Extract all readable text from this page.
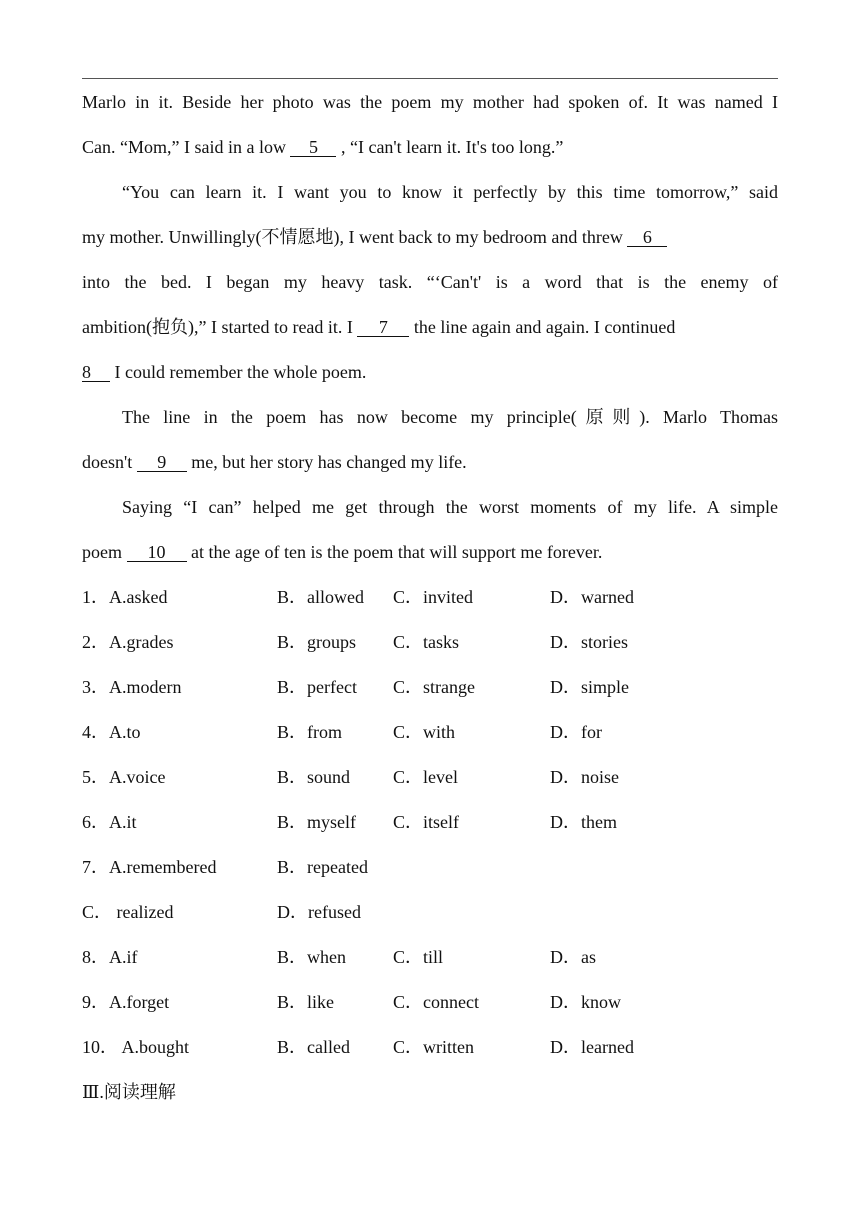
Marlo in it. Beside her photo was the poem my mother had spoken of. It was named I
Can. “Mom,” I said in a low 5 , “I can't learn it. It's too long.”
“You can learn it. I want you to know it perfectly by this time tomorrow,” said
my mother. Unwillingly(不情愿地), I went back to my bedroom and threw 6
into the bed. I began my heavy task. “‘Can't' is a word that is the enemy of
ambition(抱负),” I started to read it. I 7 the line again and again. I continued
8 I could remember the whole poem.
The line in the poem has now become my principle(原则). Marlo Thomas
doesn't 9 me, but her story has changed my life.
Saying “I can” helped me get through the worst moments of my life. A simple
poem 10 at the age of ten is the poem that will support me forever.
1．A.asked	B．allowed C．invited	D．warned
2．A.grades	B．groups C．tasks	D．stories
3．A.modern	B．perfect C．strange	D．simple
4．A.to	B．from	C．with	D．for
5．A.voice	B．sound C．level	D．noise
6．A.it	B．myself C．itself	D．them
7．A.remembered	B．repeated
C． realized	D．refused
8．A.if	B．when	C．till	D．as
9．A.forget	B．like	C．connect	D．know
10． A.bought	B．called C．written	D．learned
Ⅲ.阅读理解
